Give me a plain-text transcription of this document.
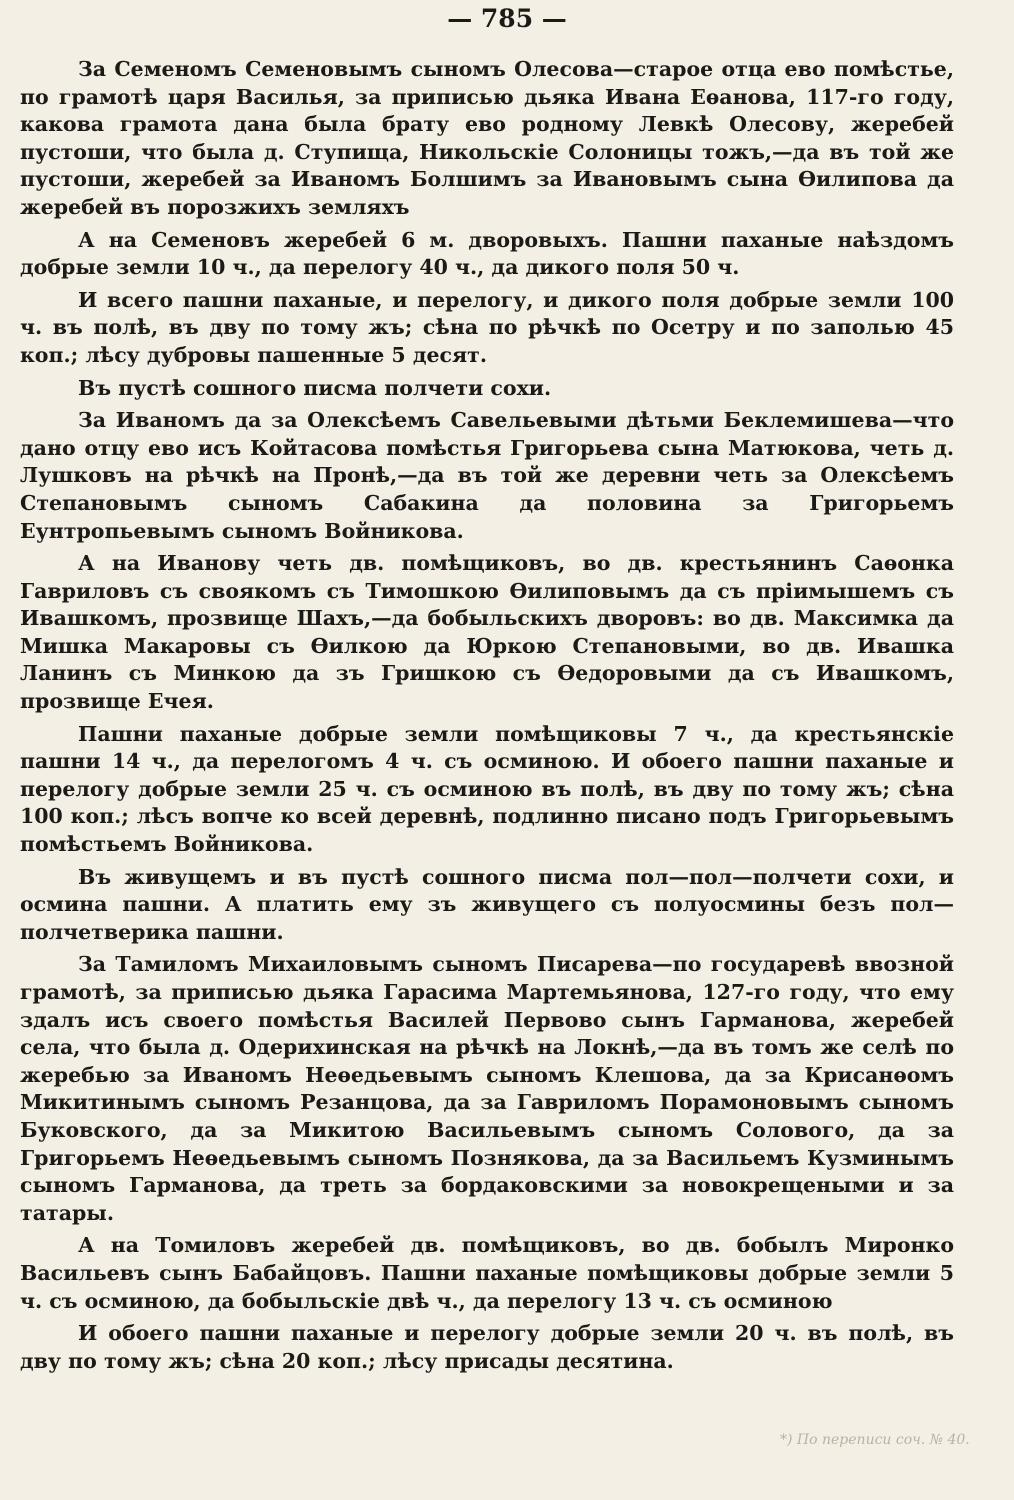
— 785 —

За Семеномъ Семеновымъ сыномъ Олесова—старое отца ево помѣстье, по грамотѣ царя Василья, за приписью дьяка Ивана Еѳанова, 117-го году, какова грамота дана была брату ево родному Левкѣ Олесову, жеребей пустоши, что была д. Ступища, Никольскіе Солоницы тожъ,—да въ той же пустоши, жеребей за Иваномъ Болшимъ за Ивановымъ сына Ѳилипова да жеребей въ порозжихъ земляхъ

А на Семеновъ жеребей 6 м. дворовыхъ. Пашни паханые наѣздомъ добрые земли 10 ч., да перелогу 40 ч., да дикого поля 50 ч.

И всего пашни паханые, и перелогу, и дикого поля добрые земли 100 ч. въ полѣ, въ дву по тому жъ; сѣна по рѣчкѣ по Осетру и по заполью 45 коп.; лѣсу дубровы пашенные 5 десят.

Въ пустѣ сошного писма полчети сохи.

За Иваномъ да за Олексѣемъ Савельевыми дѣтьми Беклемишева—что дано отцу ево исъ Койтасова помѣстья Григорьева сына Матюкова, четь д. Лушковъ на рѣчкѣ на Пронѣ,—да въ той же деревни четь за Олексѣемъ Степановымъ сыномъ Сабакина да половина за Григорьемъ Еунтропьевымъ сыномъ Войникова.

А на Иванову четь дв. помѣщиковъ, во дв. крестьянинъ Саѳонка Гавриловъ съ своякомъ съ Тимошкою Ѳилиповымъ да съ пріимышемъ съ Ивашкомъ, прозвище Шахъ,—да бобыльскихъ дворовъ: во дв. Максимка да Мишка Макаровы съ Ѳилкою да Юркою Степановыми, во дв. Ивашка Ланинъ съ Минкою да зъ Гришкою съ Ѳедоровыми да съ Ивашкомъ, прозвище Ечея.

Пашни паханые добрые земли помѣщиковы 7 ч., да крестьянскіе пашни 14 ч., да перелогомъ 4 ч. съ осминою. И обоего пашни паханые и перелогу добрые земли 25 ч. съ осминою въ полѣ, въ дву по тому жъ; сѣна 100 коп.; лѣсъ вопче ко всей деревнѣ, подлинно писано подъ Григорьевымъ помѣстьемъ Войникова.

Въ живущемъ и въ пустѣ сошного писма пол—пол—полчети сохи, и осмина пашни. А платить ему зъ живущего съ полуосмины безъ пол—полчетверика пашни.

За Тамиломъ Михаиловымъ сыномъ Писарева—по государевѣ ввозной грамотѣ, за приписью дьяка Гарасима Мартемьянова, 127-го году, что ему здалъ исъ своего помѣстья Василей Первово сынъ Гарманова, жеребей села, что была д. Одерихинская на рѣчкѣ на Локнѣ,—да въ томъ же селѣ по жеребью за Иваномъ Неѳедьевымъ сыномъ Клешова, да за Крисанѳомъ Микитинымъ сыномъ Резанцова, да за Гавриломъ Порамоновымъ сыномъ Буковского, да за Микитою Васильевымъ сыномъ Солового, да за Григорьемъ Неѳедьевымъ сыномъ Познякова, да за Васильемъ Кузминымъ сыномъ Гарманова, да треть за бордаковскими за новокрещеными и за татары.

А на Томиловъ жеребей дв. помѣщиковъ, во дв. бобылъ Миронко Васильевъ сынъ Бабайцовъ. Пашни паханые помѣщиковы добрые земли 5 ч. съ осминою, да бобыльскіе двѣ ч., да перелогу 13 ч. съ осминою

И обоего пашни паханые и перелогу добрые земли 20 ч. въ полѣ, въ дву по тому жъ; сѣна 20 коп.; лѣсу присады десятина.

*) По переписи соч. № 40.
